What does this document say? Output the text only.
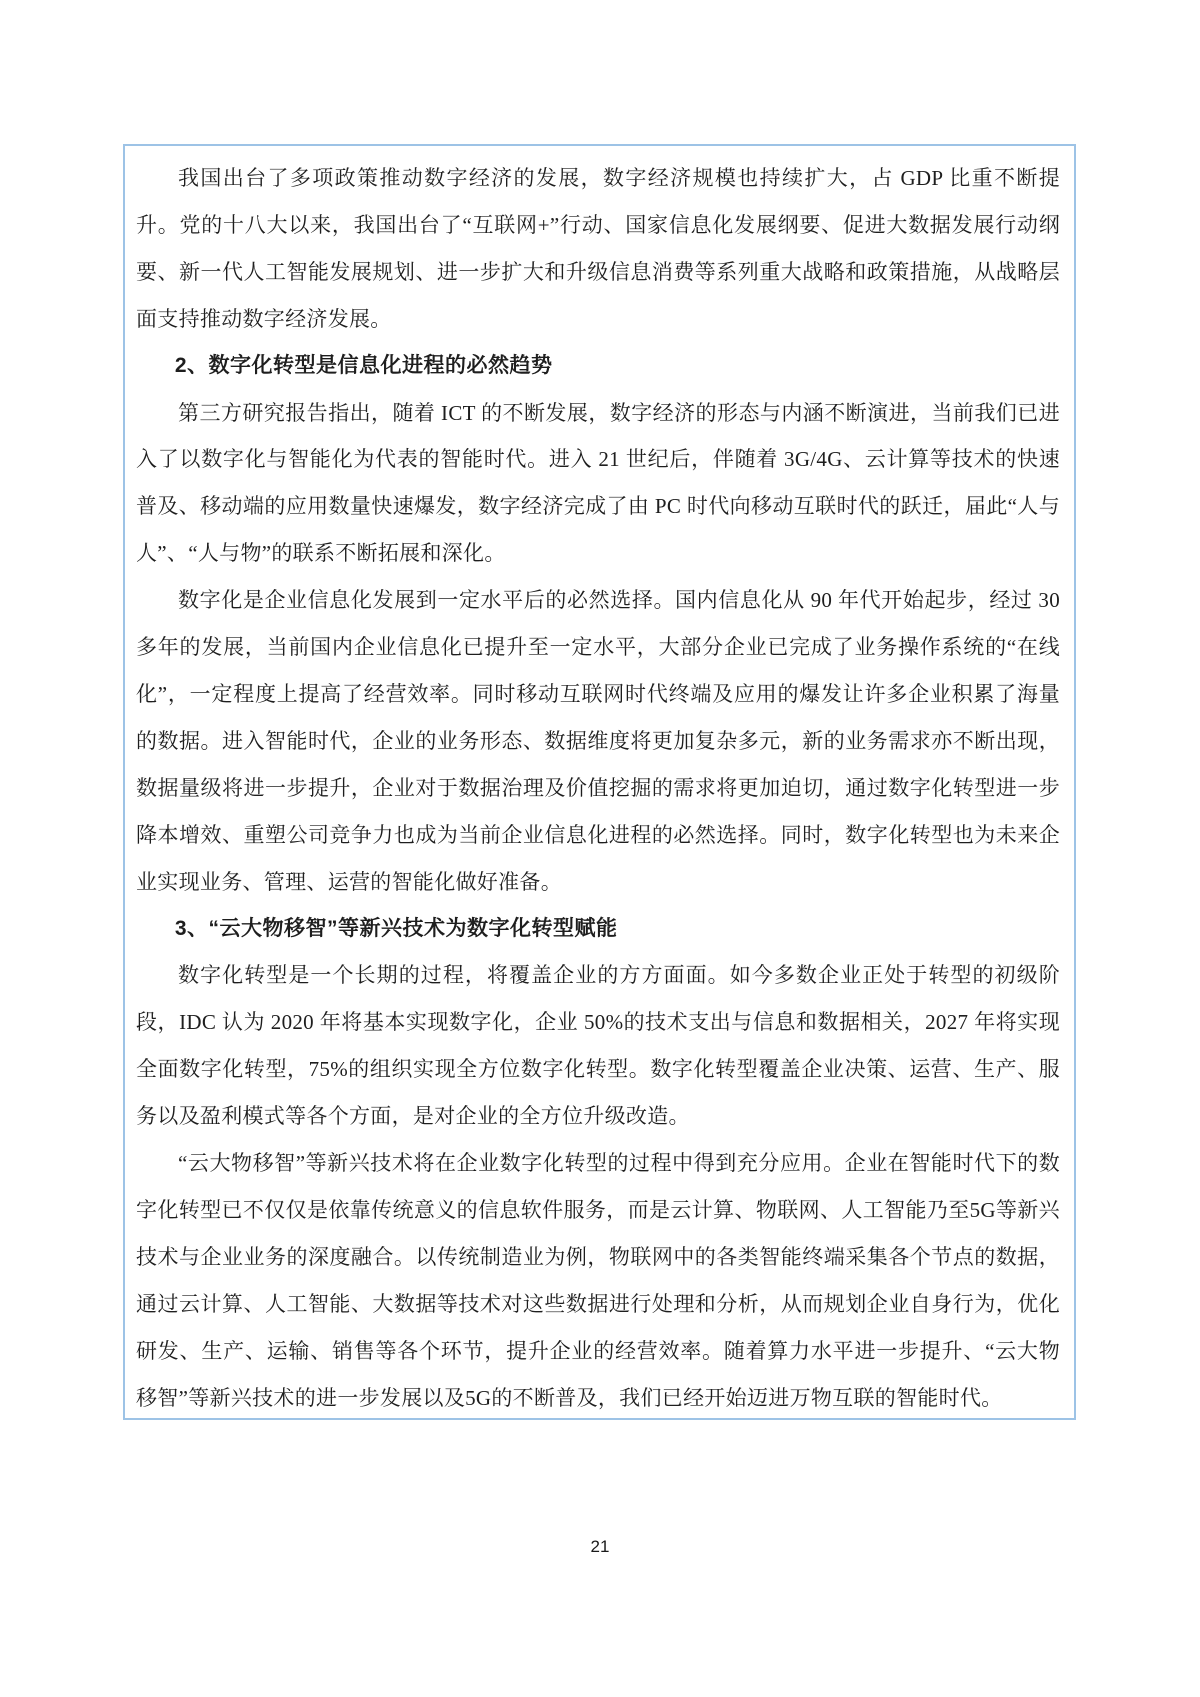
我国出台了多项政策推动数字经济的发展，数字经济规模也持续扩大，占 GDP 比重不断提升。党的十八大以来，我国出台了“互联网+”行动、国家信息化发展纲要、促进大数据发展行动纲要、新一代人工智能发展规划、进一步扩大和升级信息消费等系列重大战略和政策措施，从战略层面支持推动数字经济发展。

2、数字化转型是信息化进程的必然趋势

第三方研究报告指出，随着 ICT 的不断发展，数字经济的形态与内涵不断演进，当前我们已进入了以数字化与智能化为代表的智能时代。进入 21 世纪后，伴随着 3G/4G、云计算等技术的快速普及、移动端的应用数量快速爆发，数字经济完成了由 PC 时代向移动互联时代的跃迁，届此“人与人”、“人与物”的联系不断拓展和深化。

数字化是企业信息化发展到一定水平后的必然选择。国内信息化从 90 年代开始起步，经过 30 多年的发展，当前国内企业信息化已提升至一定水平，大部分企业已完成了业务操作系统的“在线化”，一定程度上提高了经营效率。同时移动互联网时代终端及应用的爆发让许多企业积累了海量的数据。进入智能时代，企业的业务形态、数据维度将更加复杂多元，新的业务需求亦不断出现，数据量级将进一步提升，企业对于数据治理及价值挖掘的需求将更加迫切，通过数字化转型进一步降本增效、重塑公司竞争力也成为当前企业信息化进程的必然选择。同时，数字化转型也为未来企业实现业务、管理、运营的智能化做好准备。

3、“云大物移智”等新兴技术为数字化转型赋能

数字化转型是一个长期的过程，将覆盖企业的方方面面。如今多数企业正处于转型的初级阶段，IDC 认为 2020 年将基本实现数字化，企业 50%的技术支出与信息和数据相关，2027 年将实现全面数字化转型，75%的组织实现全方位数字化转型。数字化转型覆盖企业决策、运营、生产、服务以及盈利模式等各个方面，是对企业的全方位升级改造。

“云大物移智”等新兴技术将在企业数字化转型的过程中得到充分应用。企业在智能时代下的数字化转型已不仅仅是依靠传统意义的信息软件服务，而是云计算、物联网、人工智能乃至5G等新兴技术与企业业务的深度融合。以传统制造业为例，物联网中的各类智能终端采集各个节点的数据，通过云计算、人工智能、大数据等技术对这些数据进行处理和分析，从而规划企业自身行为，优化研发、生产、运输、销售等各个环节，提升企业的经营效率。随着算力水平进一步提升、“云大物移智”等新兴技术的进一步发展以及5G的不断普及，我们已经开始迈进万物互联的智能时代。

21
